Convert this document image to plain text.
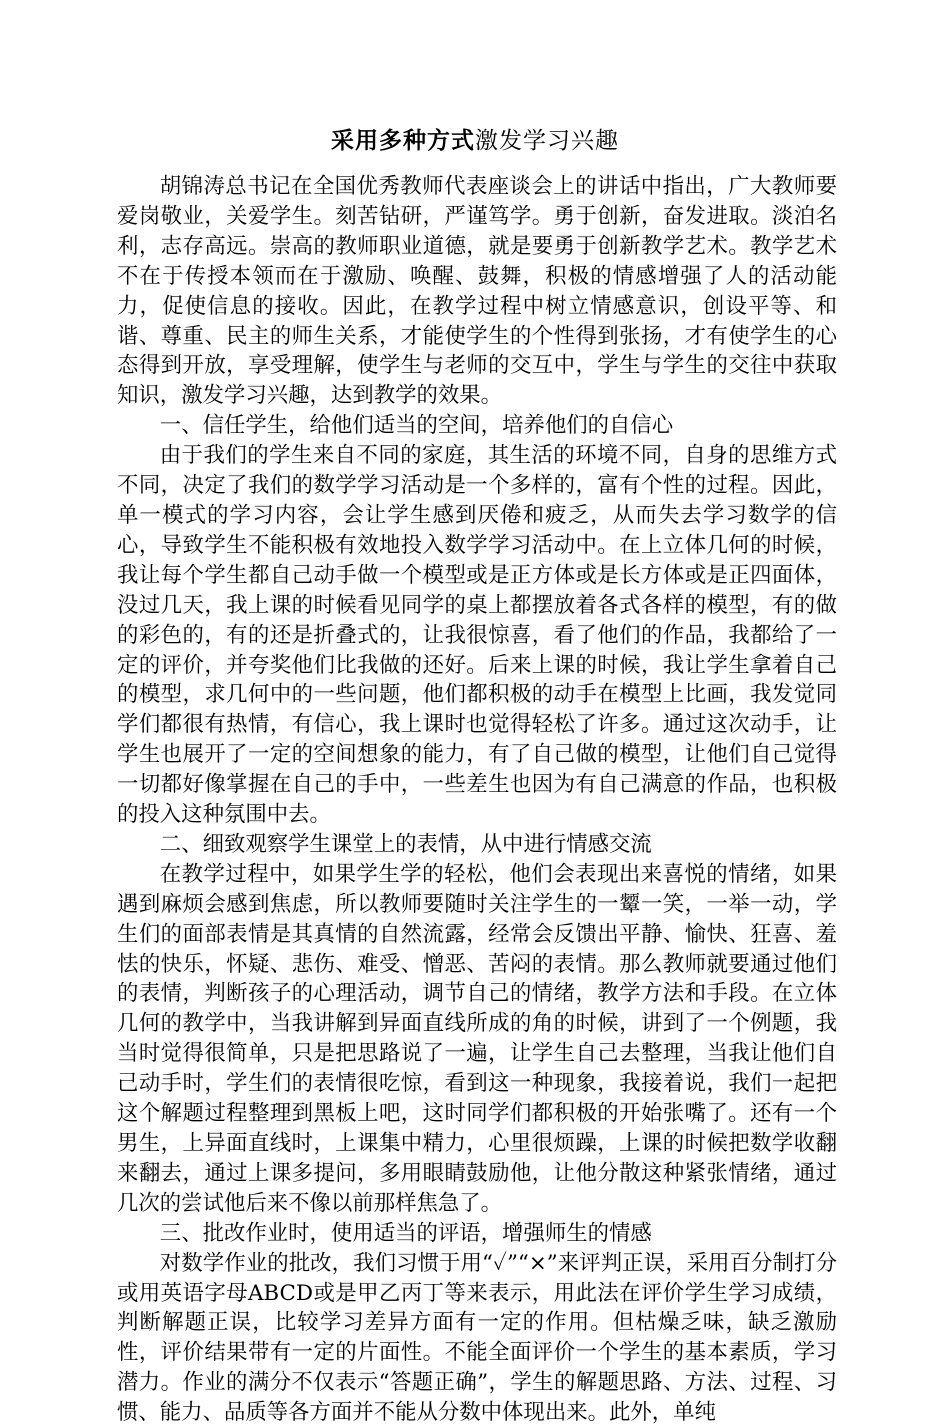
采用多种方式激发学习兴趣

胡锦涛总书记在全国优秀教师代表座谈会上的讲话中指出，广大教师要爱岗敬业，关爱学生。刻苦钻研，严谨笃学。勇于创新，奋发进取。淡泊名利，志存高远。崇高的教师职业道德，就是要勇于创新教学艺术。教学艺术不在于传授本领而在于激励、唤醒、鼓舞，积极的情感增强了人的活动能力，促使信息的接收。因此，在教学过程中树立情感意识，创设平等、和谐、尊重、民主的师生关系，才能使学生的个性得到张扬，才有使学生的心态得到开放，享受理解，使学生与老师的交互中，学生与学生的交往中获取知识，激发学习兴趣，达到教学的效果。

一、信任学生，给他们适当的空间，培养他们的自信心

由于我们的学生来自不同的家庭，其生活的环境不同，自身的思维方式不同，决定了我们的数学学习活动是一个多样的，富有个性的过程。因此，单一模式的学习内容，会让学生感到厌倦和疲乏，从而失去学习数学的信心，导致学生不能积极有效地投入数学学习活动中。在上立体几何的时候，我让每个学生都自己动手做一个模型或是正方体或是长方体或是正四面体，没过几天，我上课的时候看见同学的桌上都摆放着各式各样的模型，有的做的彩色的，有的还是折叠式的，让我很惊喜，看了他们的作品，我都给了一定的评价，并夸奖他们比我做的还好。后来上课的时候，我让学生拿着自己的模型，求几何中的一些问题，他们都积极的动手在模型上比画，我发觉同学们都很有热情，有信心，我上课时也觉得轻松了许多。通过这次动手，让学生也展开了一定的空间想象的能力，有了自己做的模型，让他们自己觉得一切都好像掌握在自己的手中，一些差生也因为有自己满意的作品，也积极的投入这种氛围中去。

二、细致观察学生课堂上的表情，从中进行情感交流

在教学过程中，如果学生学的轻松，他们会表现出来喜悦的情绪，如果遇到麻烦会感到焦虑，所以教师要随时关注学生的一颦一笑，一举一动，学生们的面部表情是其真情的自然流露，经常会反馈出平静、愉快、狂喜、羞怯的快乐，怀疑、悲伤、难受、憎恶、苦闷的表情。那么教师就要通过他们的表情，判断孩子的心理活动，调节自己的情绪，教学方法和手段。在立体几何的教学中，当我讲解到异面直线所成的角的时候，讲到了一个例题，我当时觉得很简单，只是把思路说了一遍，让学生自己去整理，当我让他们自己动手时，学生们的表情很吃惊，看到这一种现象，我接着说，我们一起把这个解题过程整理到黑板上吧，这时同学们都积极的开始张嘴了。还有一个男生，上异面直线时，上课集中精力，心里很烦躁，上课的时候把数学收翻来翻去，通过上课多提问，多用眼睛鼓励他，让他分散这种紧张情绪，通过几次的尝试他后来不像以前那样焦急了。

三、批改作业时，使用适当的评语，增强师生的情感

对数学作业的批改，我们习惯于用“✓”“×”来评判正误，采用百分制打分或用英语字母ABCD或是甲乙丙丁等来表示，用此法在评价学生学习成绩，判断解题正误，比较学习差异方面有一定的作用。但枯燥乏味，缺乏激励性，评价结果带有一定的片面性。不能全面评价一个学生的基本素质，学习潜力。作业的满分不仅表示“答题正确”，学生的解题思路、方法、过程、习惯、能力、品质等各方面并不能从分数中体现出来。此外，单纯
